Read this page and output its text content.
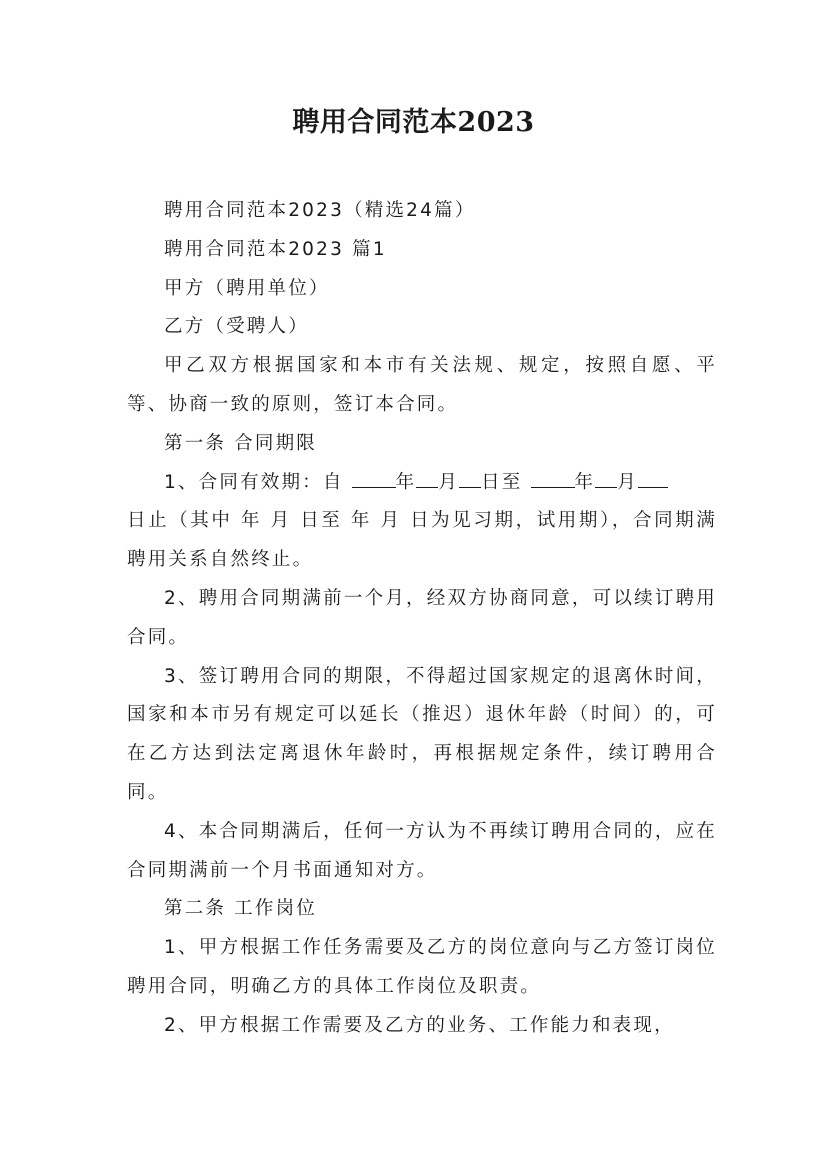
聘用合同范本2023

聘用合同范本2023（精选24篇）

聘用合同范本2023 篇1

甲方（聘用单位）

乙方（受聘人）

甲乙双方根据国家和本市有关法规、规定，按照自愿、平等、协商一致的原则，签订本合同。

第一条 合同期限

1、合同有效期：自 年 月 日至 年 月

日止（其中 年 月 日至 年 月 日为见习期，试用期），合同期满聘用关系自然终止。

2、聘用合同期满前一个月，经双方协商同意，可以续订聘用合同。

3、签订聘用合同的期限，不得超过国家规定的退离休时间，国家和本市另有规定可以延长（推迟）退休年龄（时间）的，可在乙方达到法定离退休年龄时，再根据规定条件，续订聘用合同。

4、本合同期满后，任何一方认为不再续订聘用合同的，应在合同期满前一个月书面通知对方。

第二条 工作岗位

1、甲方根据工作任务需要及乙方的岗位意向与乙方签订岗位聘用合同，明确乙方的具体工作岗位及职责。

2、甲方根据工作需要及乙方的业务、工作能力和表现，
